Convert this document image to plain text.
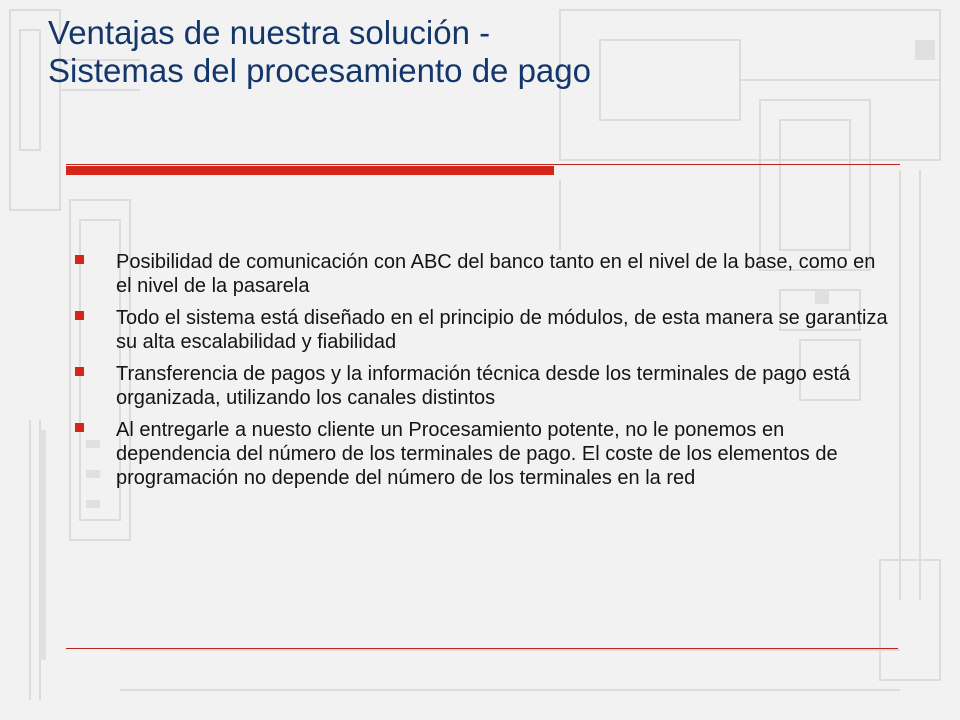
Ventajas de nuestra solución -
Sistemas del procesamiento de pago
Posibilidad de comunicación con ABC del banco tanto en el nivel de la base, como en el nivel de la pasarela
Todo el sistema está diseñado en el principio de módulos, de esta manera se garantiza su alta escalabilidad y fiabilidad
Transferencia de pagos y la información técnica desde los terminales de pago está organizada, utilizando los canales distintos
Al entregarle a nuesto cliente un Procesamiento potente, no le ponemos en dependencia del número de los terminales de pago. El coste de los elementos de programación no depende del número de los terminales en la red
